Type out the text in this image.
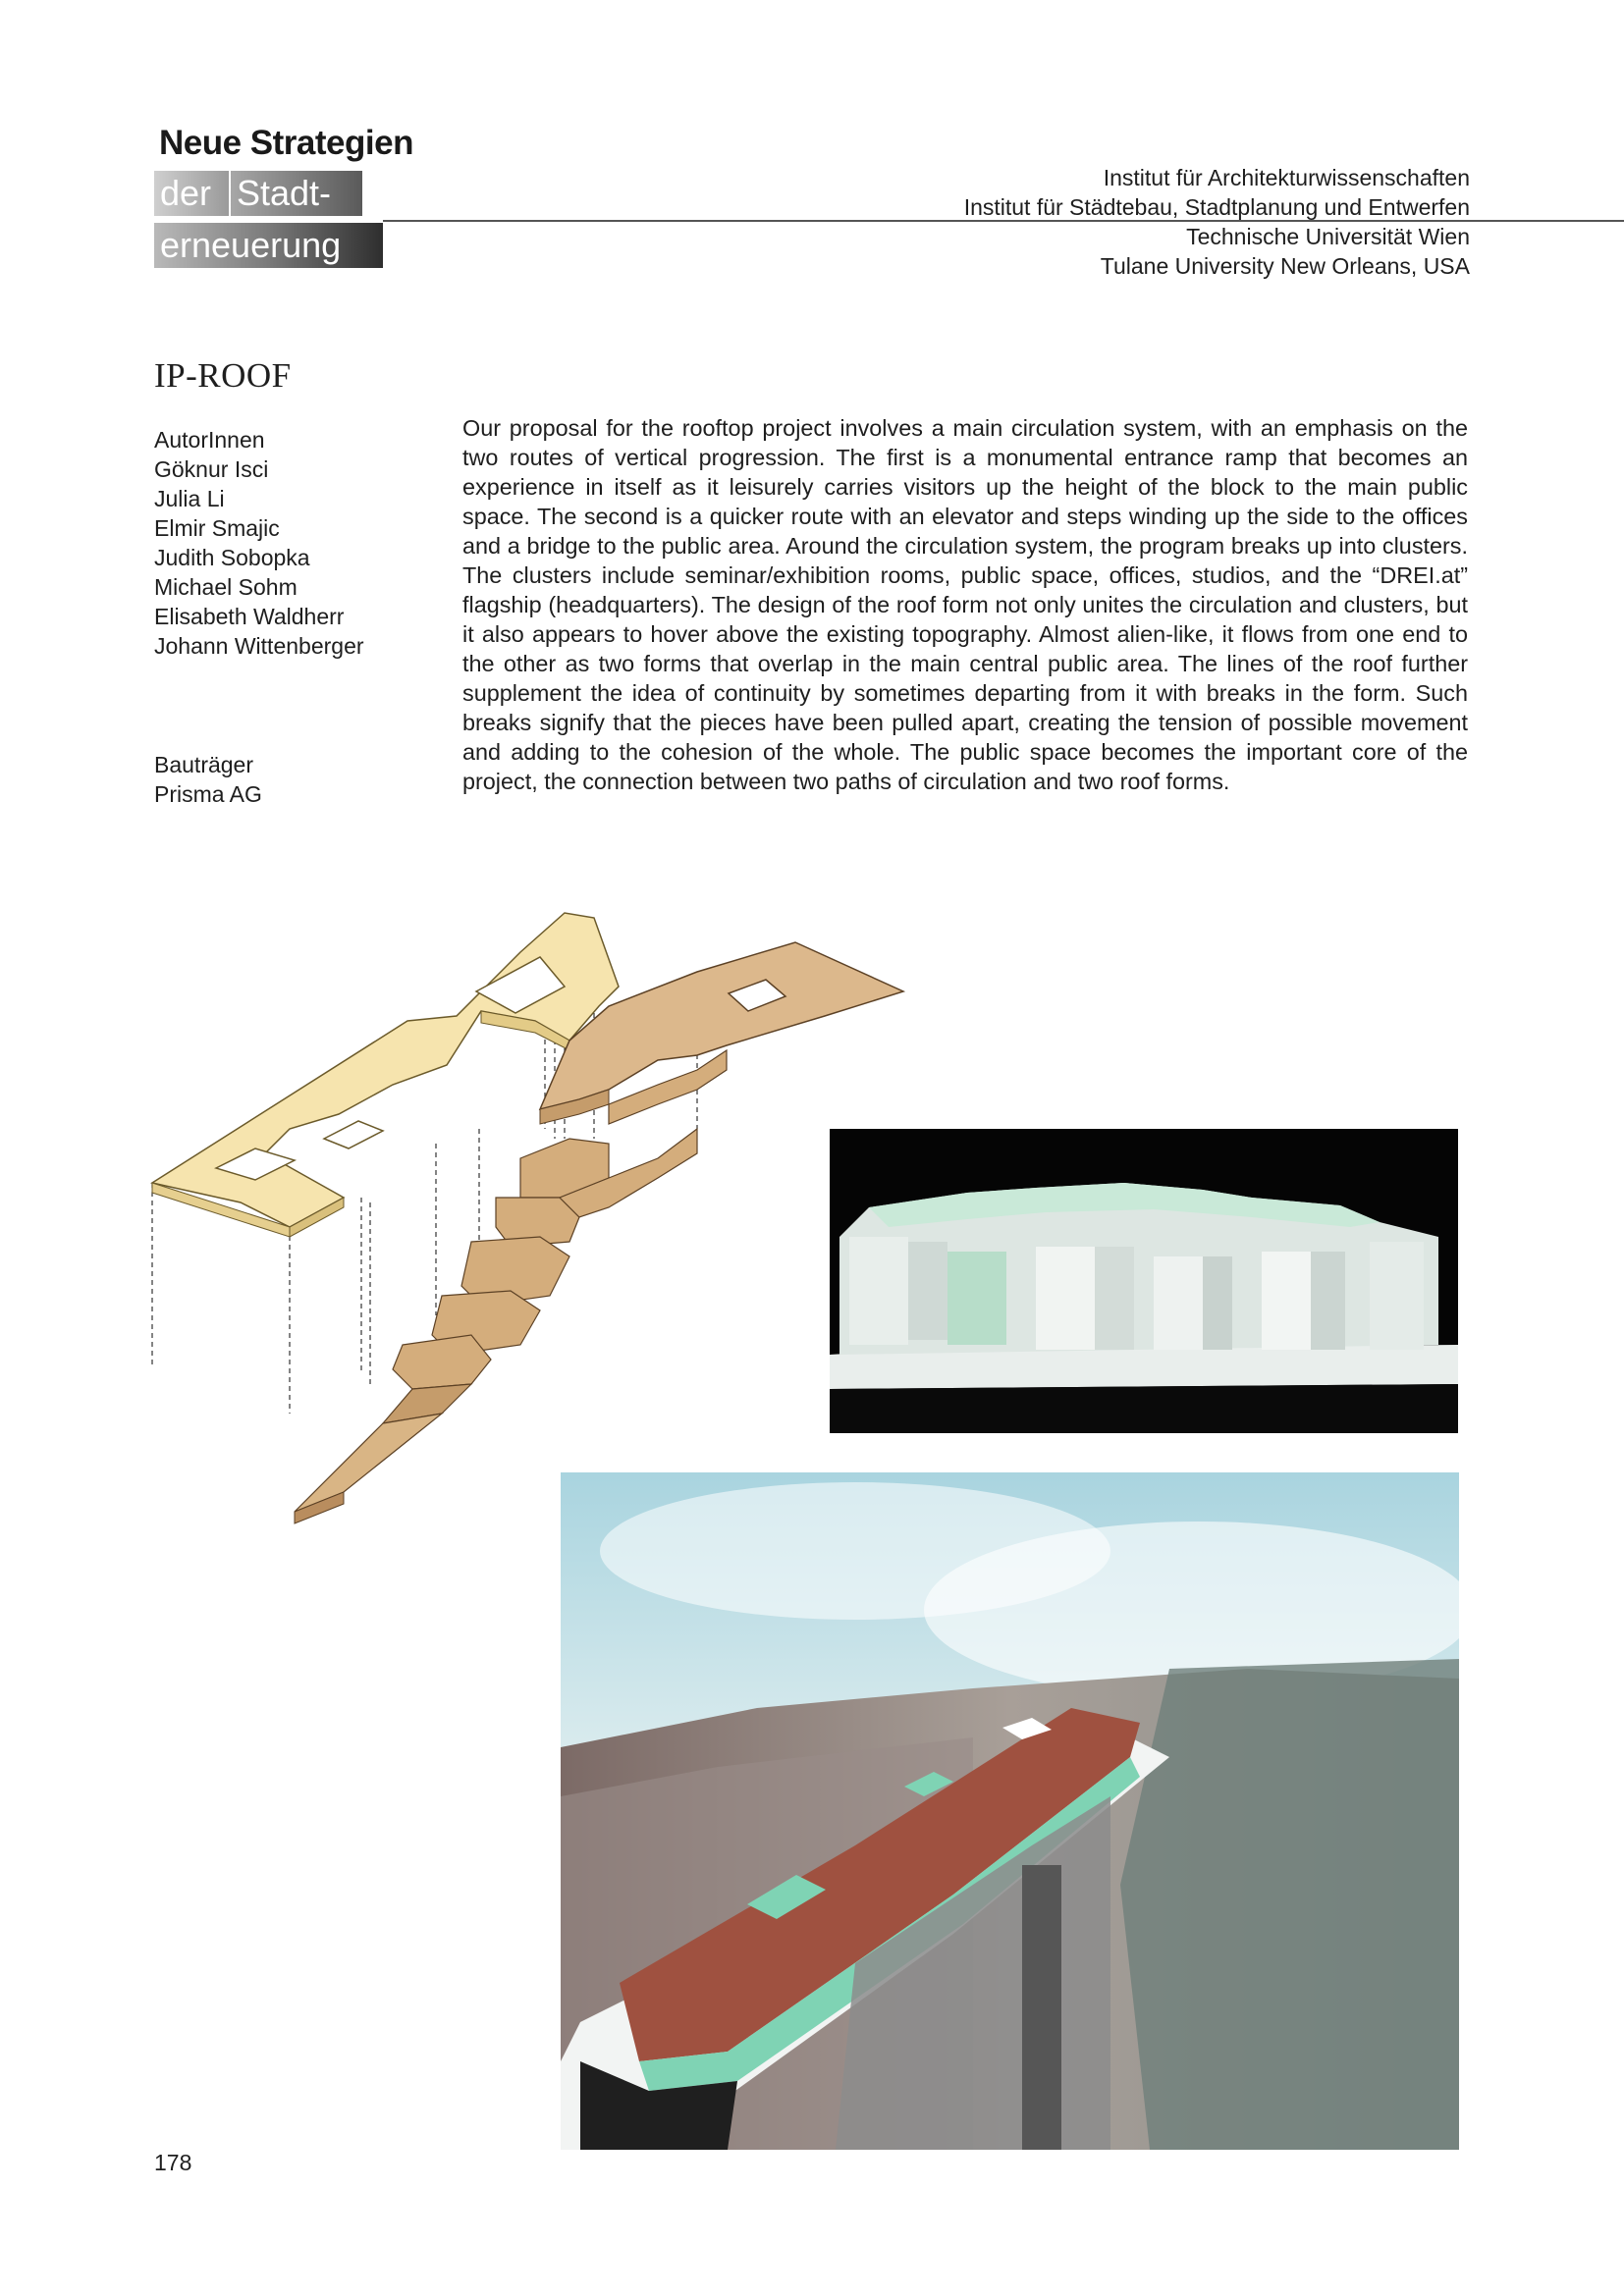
Neue Strategien
der Stadt-
erneuerung
Institut für Architekturwissenschaften
Institut für Städtebau, Stadtplanung und Entwerfen
Technische Universität Wien
Tulane University New Orleans, USA
IP-ROOF
AutorInnen
Göknur Isci
Julia Li
Elmir Smajic
Judith Sobopka
Michael Sohm
Elisabeth Waldherr
Johann Wittenberger
Bauträger
Prisma AG
Our proposal for the rooftop project involves a main circulation system, with an emphasis on the two routes of vertical progression. The first is a monumental entrance ramp that becomes an experience in itself as it leisurely carries visitors up the height of the block to the main public space. The second is a quicker route with an elevator and steps winding up the side to the offices and a bridge to the public area. Around the circulation system, the program breaks up into clusters. The clusters include seminar/exhibition rooms, public space, offices, studios, and the “DREI.at” flagship (headquarters). The design of the roof form not only unites the circulation and clusters, but it also appears to hover above the existing topography. Almost alien-like, it flows from one end to the other as two forms that overlap in the main central public area. The lines of the roof further supplement the idea of continuity by sometimes departing from it with breaks in the form. Such breaks signify that the pieces have been pulled apart, creating the tension of possible movement and adding to the cohesion of the whole. The public space becomes the important core of the project, the connection between two paths of circulation and two roof forms.
178
